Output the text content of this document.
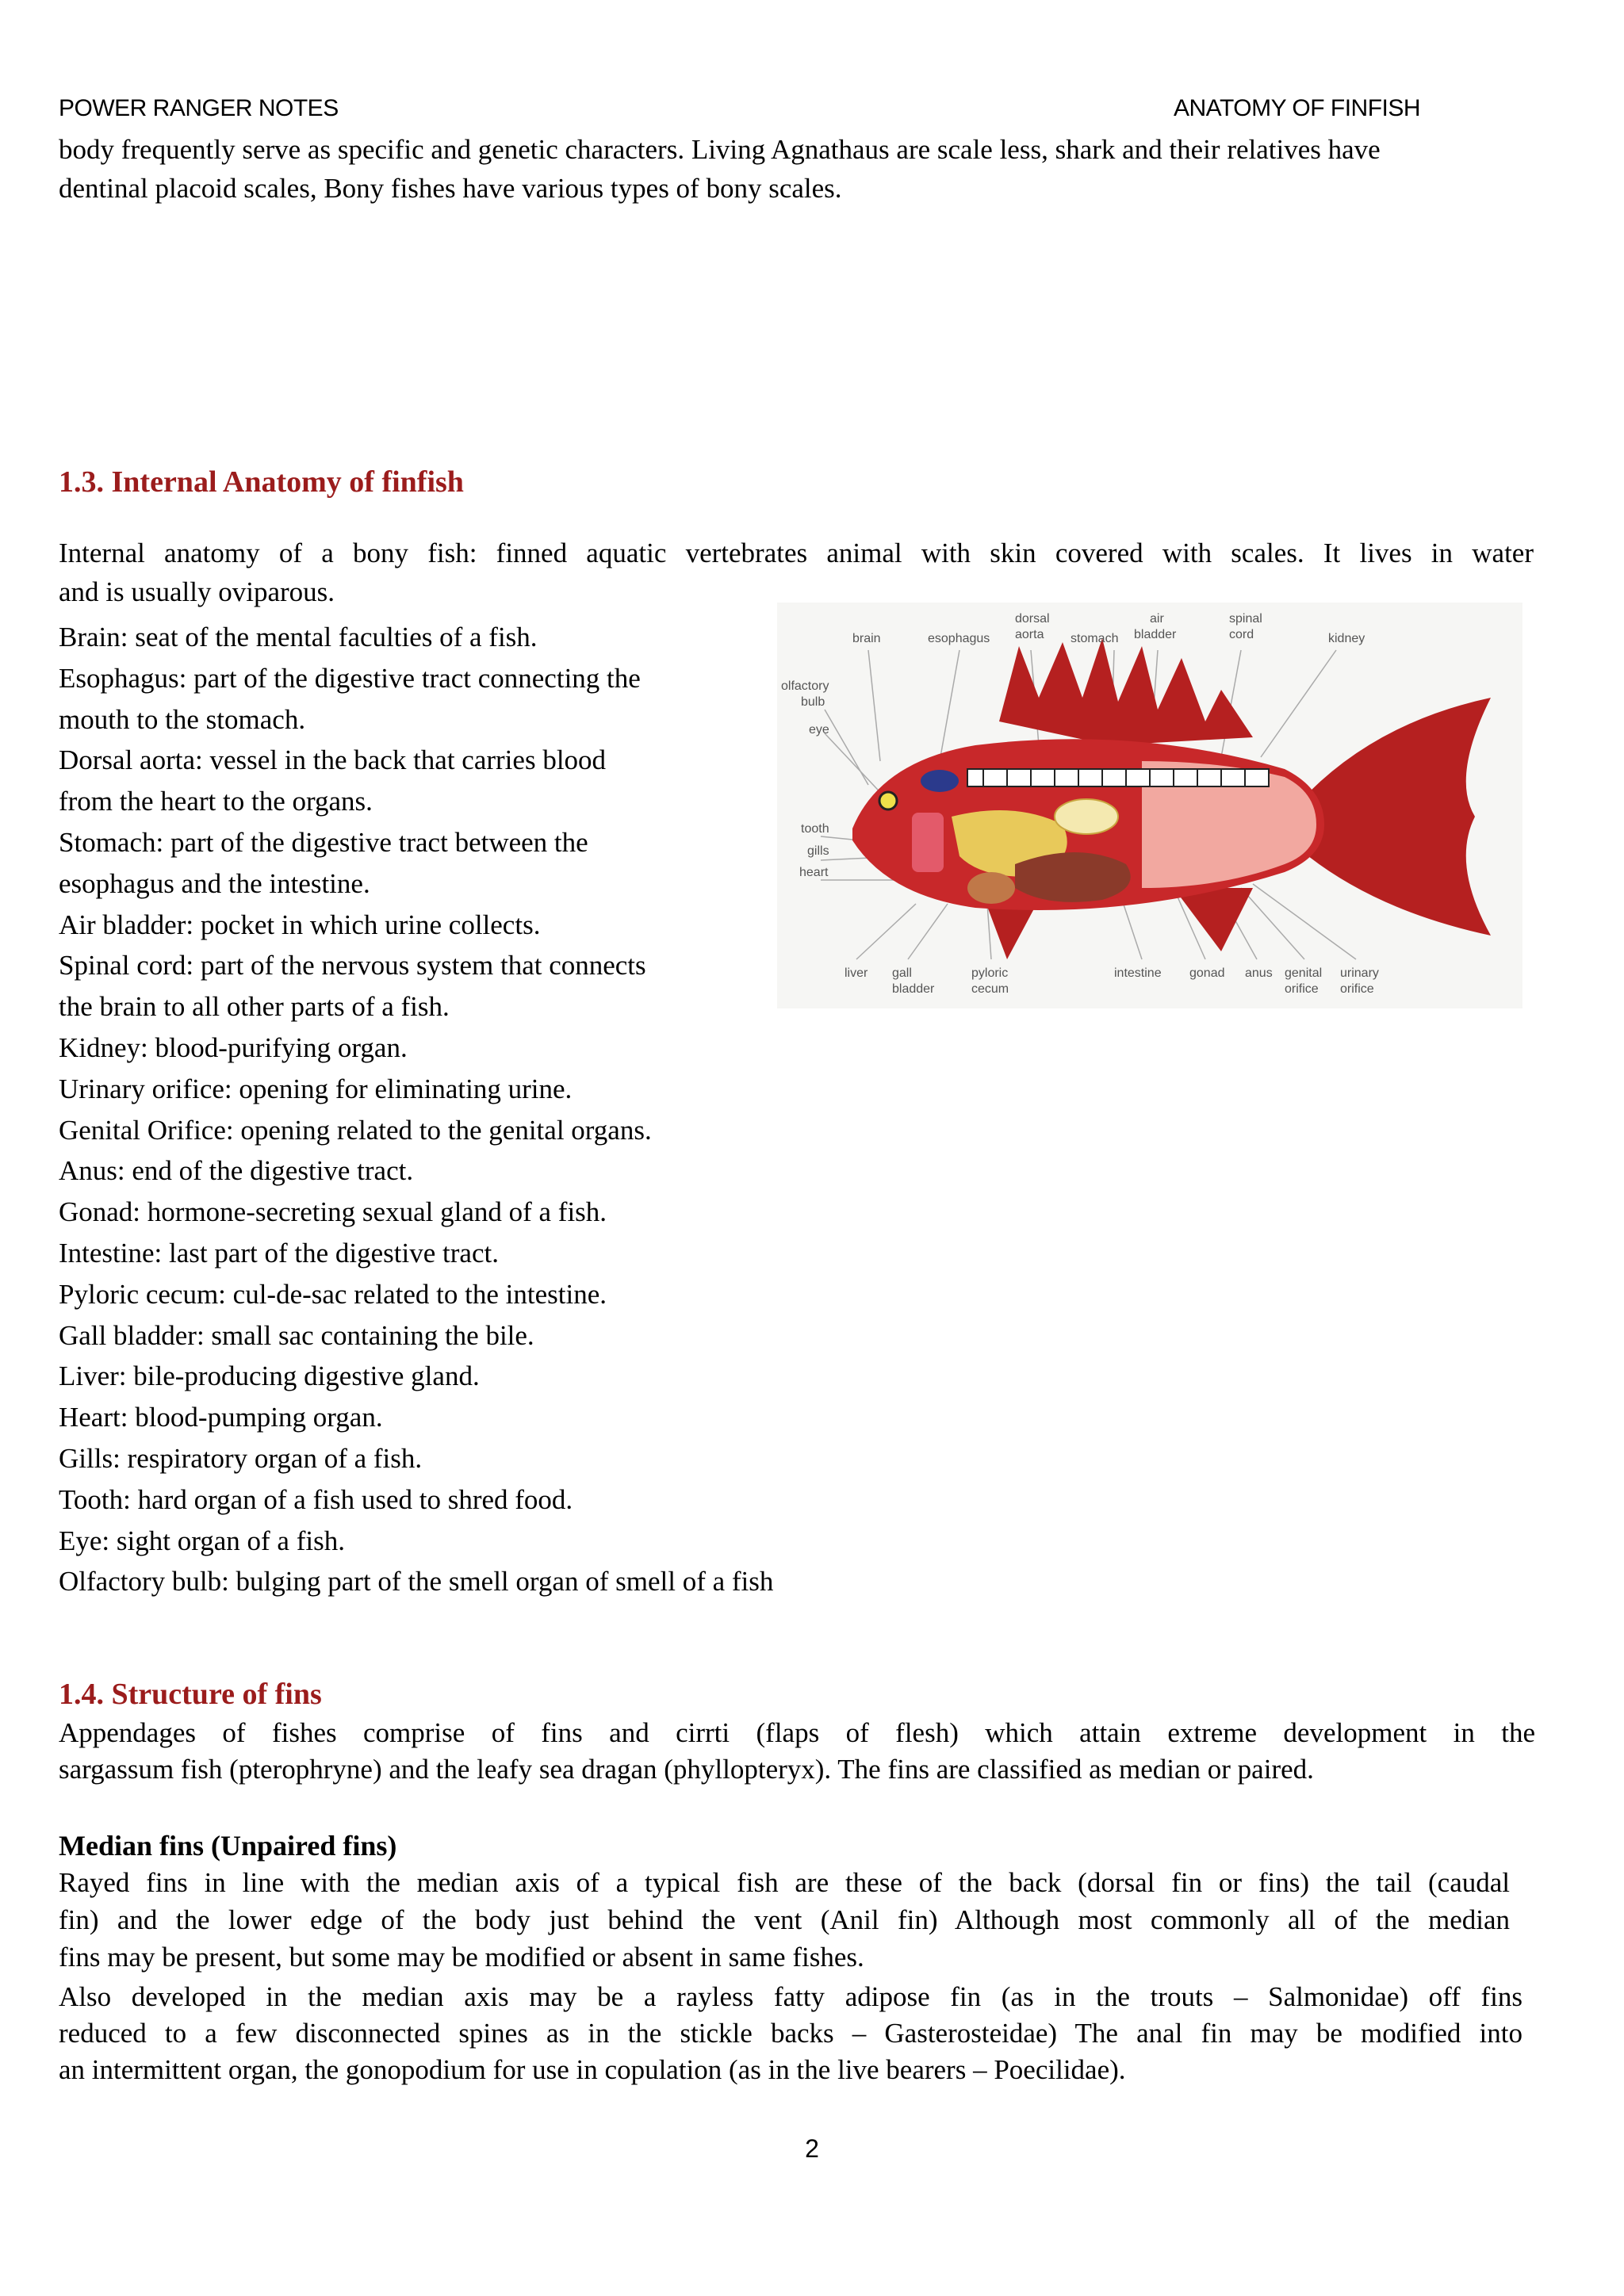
POWER RANGER NOTES	ANATOMY OF FINFISH
body frequently serve as specific and genetic characters. Living Agnathaus are scale less, shark and their relatives have
dentinal placoid scales, Bony fishes have various types of bony scales.
1.3. Internal Anatomy of finfish
Internal anatomy of a bony fish: finned aquatic vertebrates animal with skin covered with scales. It lives in water
and is usually oviparous.
Brain: seat of the mental faculties of a fish.
Esophagus: part of the digestive tract connecting the
mouth to the stomach.
Dorsal aorta: vessel in the back that carries blood
from the heart to the organs.
Stomach: part of the digestive tract between the
esophagus and the intestine.
Air bladder: pocket in which urine collects.
Spinal cord: part of the nervous system that connects
the brain to all other parts of a fish.
Kidney: blood-purifying organ.
Urinary orifice: opening for eliminating urine.
Genital Orifice: opening related to the genital organs.
Anus: end of the digestive tract.
Gonad: hormone-secreting sexual gland of a fish.
Intestine: last part of the digestive tract.
Pyloric cecum: cul-de-sac related to the intestine.
Gall bladder: small sac containing the bile.
Liver: bile-producing digestive gland.
Heart: blood-pumping organ.
Gills: respiratory organ of a fish.
Tooth: hard organ of a fish used to shred food.
Eye: sight organ of a fish.
Olfactory bulb: bulging part of the smell organ of smell of a fish
brain	esophagus
dorsal
aorta stomach
air
bladder
spinal
cord	kidney
olfactory
bulb
eye
tooth
gills
heart
liver gall
bladder
pyloric
cecum
intestine gonad anus genital
orifice
urinary
orifice
1.4. Structure of fins
Appendages of fishes comprise of fins and cirrti (flaps of flesh) which attain extreme development in the
sargassum fish (pterophryne) and the leafy sea dragan (phyllopteryx). The fins are classified as median or paired.
Median fins (Unpaired fins)
Rayed fins in line with the median axis of a typical fish are these of the back (dorsal fin or fins) the tail (caudal
fin) and the lower edge of the body just behind the vent (Anil fin) Although most commonly all of the median
fins may be present, but some may be modified or absent in same fishes.
Also developed in the median axis may be a rayless fatty adipose fin (as in the trouts – Salmonidae) off fins
reduced to a few disconnected spines as in the stickle backs – Gasterosteidae) The anal fin may be modified into
an intermittent organ, the gonopodium for use in copulation (as in the live bearers – Poecilidae).
2
